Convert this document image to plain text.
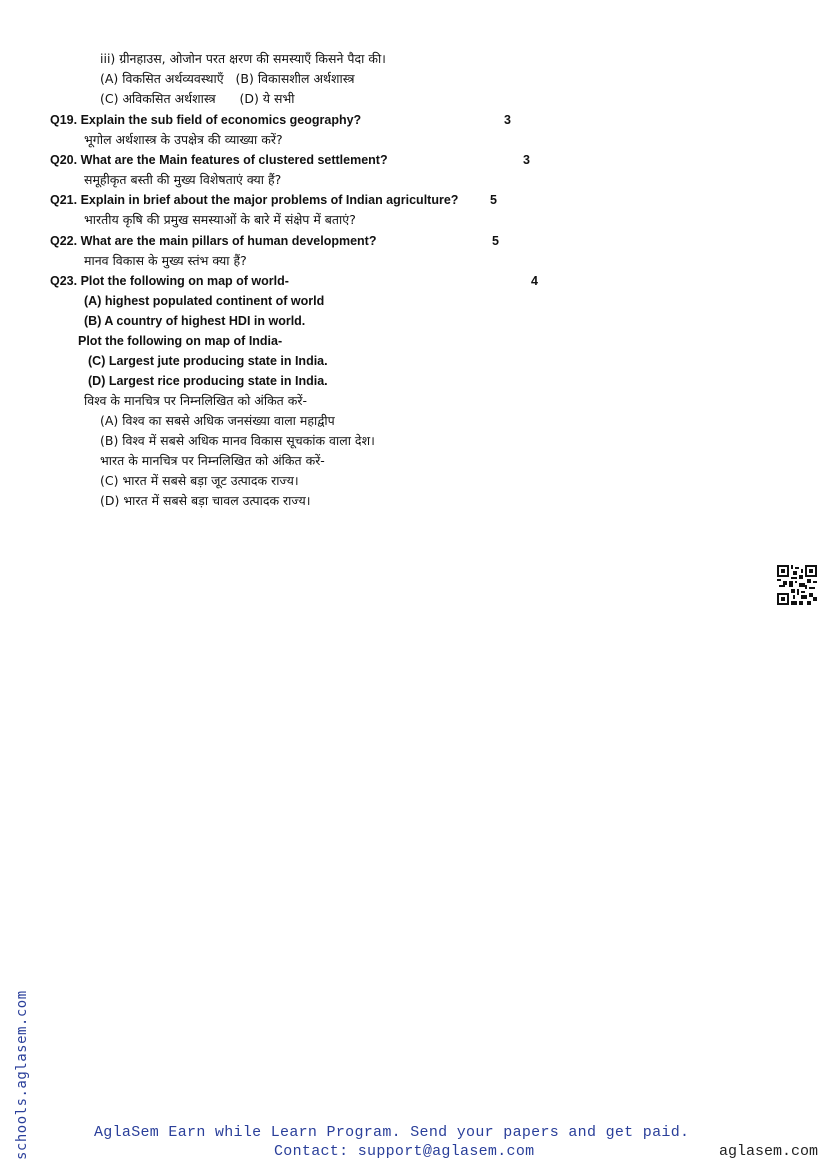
iii) ग्रीनहाउस, ओजोन परत क्षरण की समस्याएँ किसने पैदा की।
(A) विकसित अर्थव्यवस्थाएँ   (B) विकासशील अर्थशास्त्र
(C) अविकसित अर्थशास्त्र      (D) ये सभी
Q19. Explain the sub field of economics geography?	3
भूगोल अर्थशास्त्र के उपक्षेत्र की व्याख्या करें?
Q20. What are the Main features of clustered settlement?	3
समूहीकृत बस्ती की मुख्य विशेषताएं क्या हैं?
Q21. Explain in brief about the major problems of Indian agriculture?	5
भारतीय कृषि की प्रमुख समस्याओं के बारे में संक्षेप में बताएं?
Q22. What are the main pillars of human development?	5
मानव विकास के मुख्य स्तंभ क्या हैं?
Q23. Plot the following on map of world-	4
(A) highest populated continent of world
(B) A country of highest HDI in world.
Plot the following on map of India-
(C) Largest jute producing state in India.
(D) Largest rice producing state in India.
विश्व के मानचित्र पर निम्नलिखित को अंकित करें-
(A) विश्व का सबसे अधिक जनसंख्या वाला महाद्वीप
(B) विश्व में सबसे अधिक मानव विकास सूचकांक वाला देश।
भारत के मानचित्र पर निम्नलिखित को अंकित करें-
(C) भारत में सबसे बड़ा जूट उत्पादक राज्य।
(D) भारत में सबसे बड़ा चावल उत्पादक राज्य।
schools.aglasem.com	AglaSem Earn while Learn Program. Send your papers and get paid.
Contact: support@aglasem.com	aglasem.com
